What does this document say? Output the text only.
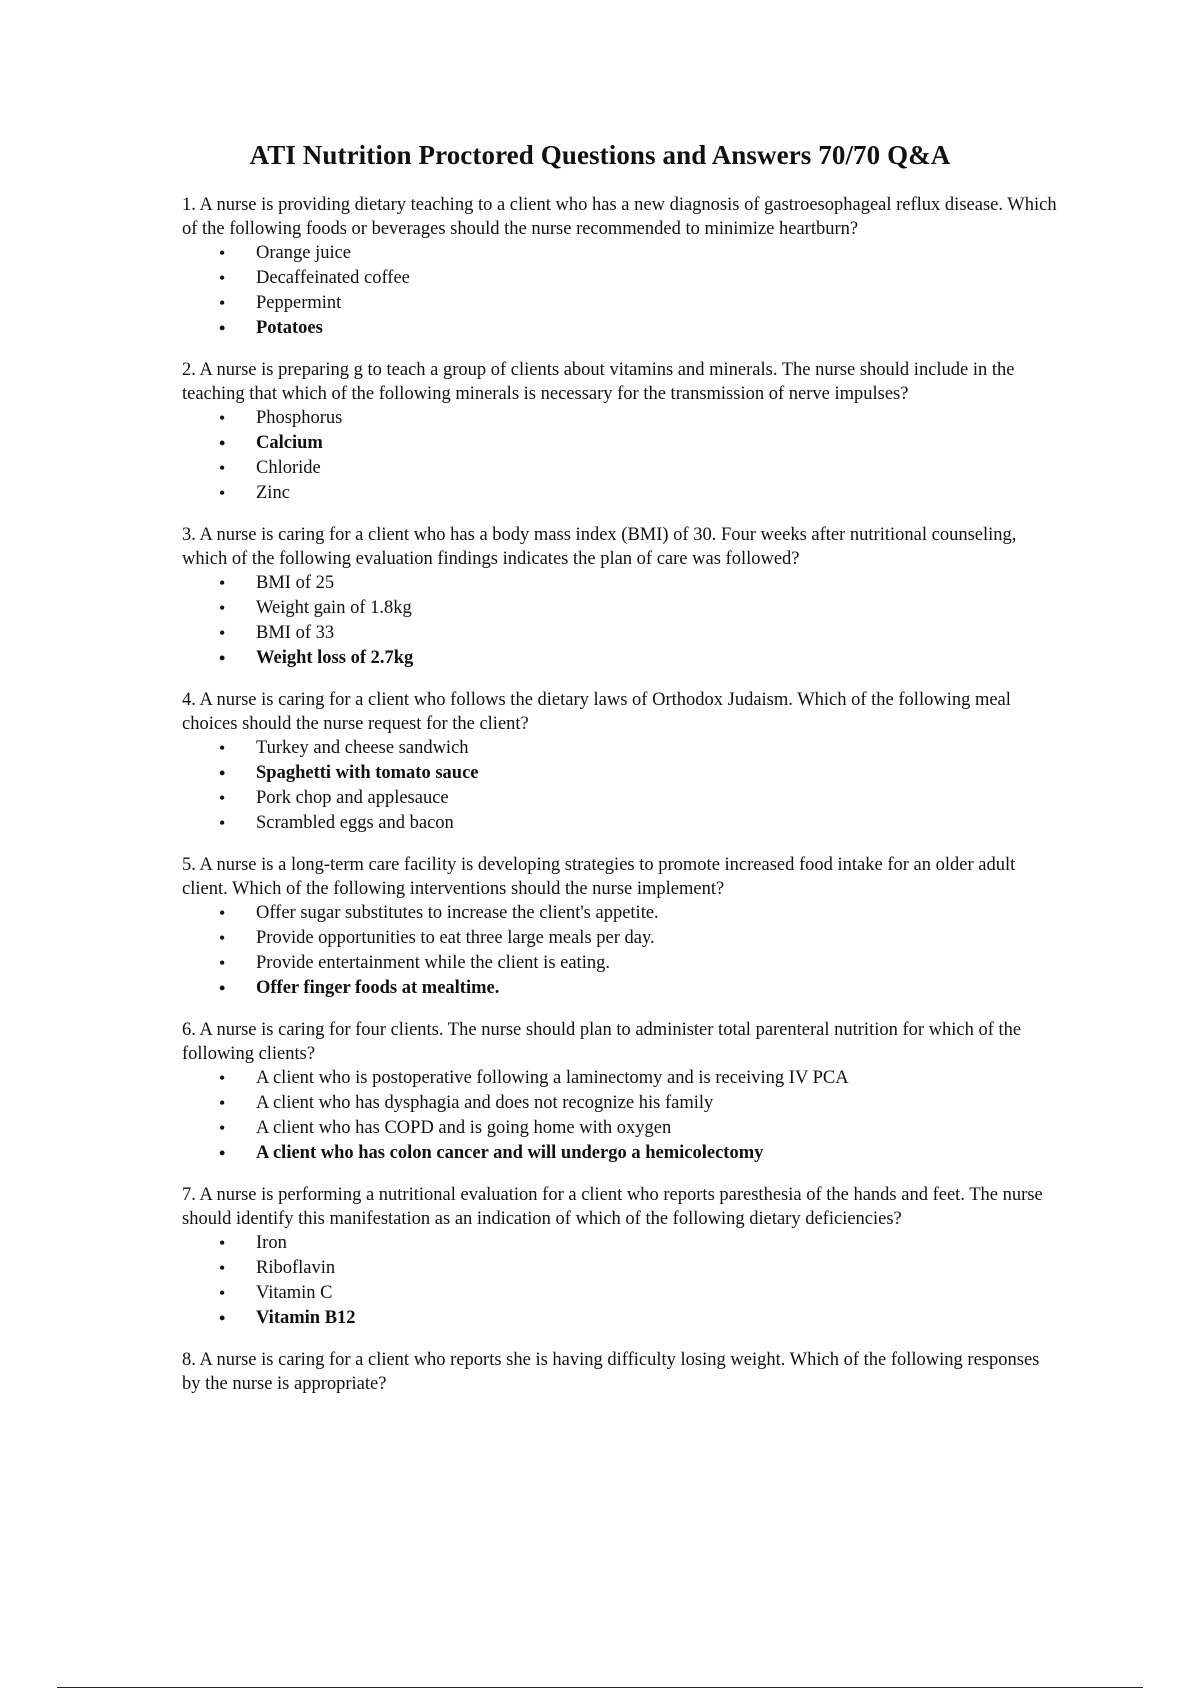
ATI Nutrition Proctored Questions and Answers 70/70 Q&A

1. A nurse is providing dietary teaching to a client who has a new diagnosis of gastroesophageal reflux disease. Which of the following foods or beverages should the nurse recommended to minimize heartburn?

• Orange juice
• Decaffeinated coffee
• Peppermint
• Potatoes

2. A nurse is preparing g to teach a group of clients about vitamins and minerals. The nurse should include in the teaching that which of the following minerals is necessary for the transmission of nerve impulses?

• Phosphorus
• Calcium
• Chloride
• Zinc

3. A nurse is caring for a client who has a body mass index (BMI) of 30. Four weeks after nutritional counseling, which of the following evaluation findings indicates the plan of care was followed?

• BMI of 25
• Weight gain of 1.8kg
• BMI of 33
• Weight loss of 2.7kg

4. A nurse is caring for a client who follows the dietary laws of Orthodox Judaism. Which of the following meal choices should the nurse request for the client?

• Turkey and cheese sandwich
• Spaghetti with tomato sauce
• Pork chop and applesauce
• Scrambled eggs and bacon

5. A nurse is a long-term care facility is developing strategies to promote increased food intake for an older adult client. Which of the following interventions should the nurse implement?

• Offer sugar substitutes to increase the client's appetite.
• Provide opportunities to eat three large meals per day.
• Provide entertainment while the client is eating.
• Offer finger foods at mealtime.

6. A nurse is caring for four clients. The nurse should plan to administer total parenteral nutrition for which of the following clients?

• A client who is postoperative following a laminectomy and is receiving IV PCA
• A client who has dysphagia and does not recognize his family
• A client who has COPD and is going home with oxygen
• A client who has colon cancer and will undergo a hemicolectomy

7. A nurse is performing a nutritional evaluation for a client who reports paresthesia of the hands and feet. The nurse should identify this manifestation as an indication of which of the following dietary deficiencies?

• Iron
• Riboflavin
• Vitamin C
• Vitamin B12

8. A nurse is caring for a client who reports she is having difficulty losing weight. Which of the following responses by the nurse is appropriate?
